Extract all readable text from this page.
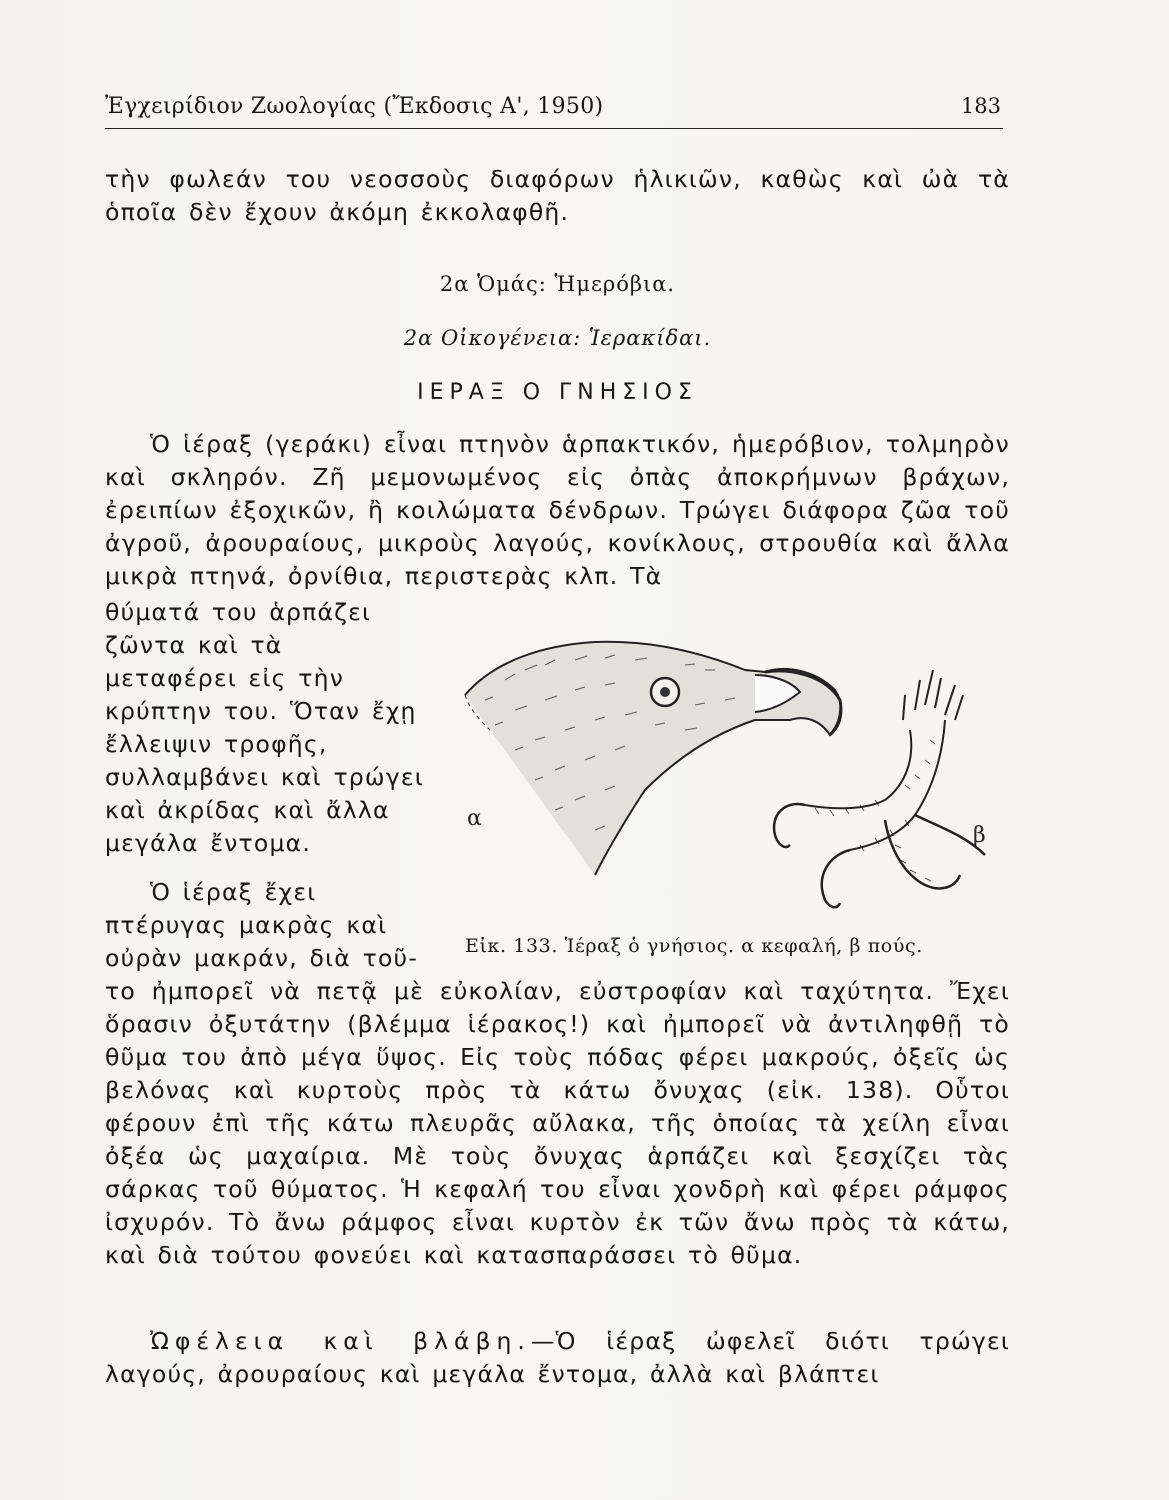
Ἐγχειρίδιον Ζωολογίας (Ἔκδοσις Α', 1950)	183

τὴν φωλεάν του νεοσσοὺς διαφόρων ἡλικιῶν, καθὼς καὶ ὠὰ τὰ ὁποῖα δὲν ἔχουν ἀκόμη ἐκκολαφθῆ.

2α Ὁμάς: Ἡμερόβια.
2α Οἰκογένεια: Ἱερακίδαι.
ΙΕΡΑΞ Ο ΓΝΗΣΙΟΣ

Ὁ ἱέραξ (γεράκι) εἶναι πτηνὸν ἁρπακτικόν, ἡμερόβιον, τολμηρὸν καὶ σκληρόν. Ζῆ μεμονωμένος εἰς ὀπὰς ἀποκρήμνων βράχων, ἐρειπίων ἐξοχικῶν, ἢ κοιλώματα δένδρων. Τρώγει διάφορα ζῶα τοῦ ἀγροῦ, ἀρουραίους, μικροὺς λαγούς, κονίκλους, στρουθία καὶ ἄλλα μικρὰ πτηνά, ὀρνίθια, περιστερὰς κλπ. Τὰ

θύματά του ἁρπάζει ζῶντα καὶ τὰ μεταφέρει εἰς τὴν κρύπτην του. Ὅταν ἔχῃ ἔλλειψιν τροφῆς, συλλαμβάνει καὶ τρώγει καὶ ἀκρίδας καὶ ἄλλα μεγάλα ἔντομα.

Ὁ ἱέραξ ἔχει πτέρυγας μακρὰς καὶ οὐρὰν μακράν, διὰ τοῦ-

το ἠμπορεῖ νὰ πετᾷ μὲ εὐκολίαν, εὐστροφίαν καὶ ταχύτητα. Ἔχει ὅρασιν ὀξυτάτην (βλέμμα ἱέρακος!) καὶ ἠμπορεῖ νὰ ἀντιληφθῇ τὸ θῦμα του ἀπὸ μέγα ὕψος. Εἰς τοὺς πόδας φέρει μακρούς, ὀξεῖς ὡς βελόνας καὶ κυρτοὺς πρὸς τὰ κάτω ὄνυχας (εἰκ. 138). Οὗτοι φέρουν ἐπὶ τῆς κάτω πλευρᾶς αὔλακα, τῆς ὁποίας τὰ χείλη εἶναι ὀξέα ὡς μαχαίρια. Μὲ τοὺς ὄνυχας ἁρπάζει καὶ ξεσχίζει τὰς σάρκας τοῦ θύματος. Ἡ κεφαλή του εἶναι χονδρὴ καὶ φέρει ράμφος ἰσχυρόν. Τὸ ἄνω ράμφος εἶναι κυρτὸν ἐκ τῶν ἄνω πρὸς τὰ κάτω, καὶ διὰ τούτου φονεύει καὶ κατασπαράσσει τὸ θῦμα.

Ὠφέλεια καὶ βλάβη.—Ὁ ἱέραξ ὠφελεῖ διότι τρώγει λαγούς, ἀρουραίους καὶ μεγάλα ἔντομα, ἀλλὰ καὶ βλάπτει

α
β
Εἰκ. 133. Ἱέραξ ὁ γνήσιος. α κεφαλή, β πούς.
